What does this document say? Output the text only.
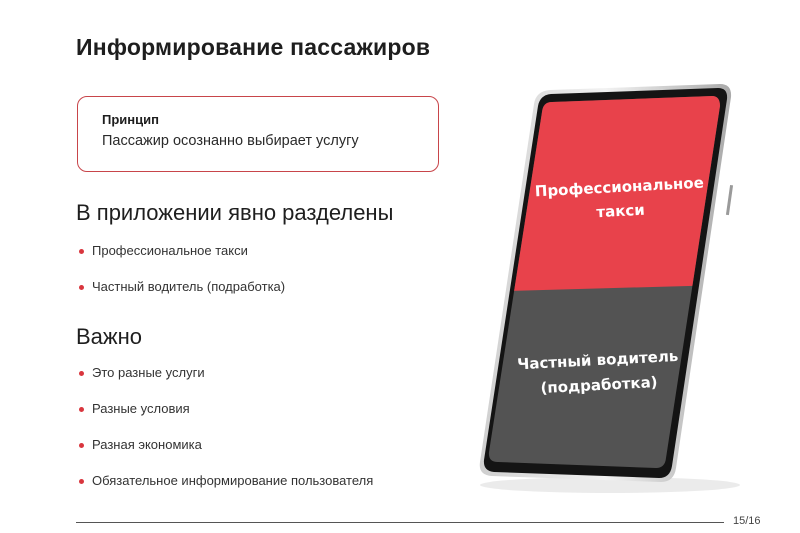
Информирование пассажиров
Принцип
Пассажир осознанно выбирает услугу
В приложении явно разделены
Профессиональное такси
Частный водитель (подработка)
Важно
Это разные услуги
Разные условия
Разная экономика
Обязательное информирование пользователя
Профессиональное
такси
Частный водитель
(подработка)
15/16
